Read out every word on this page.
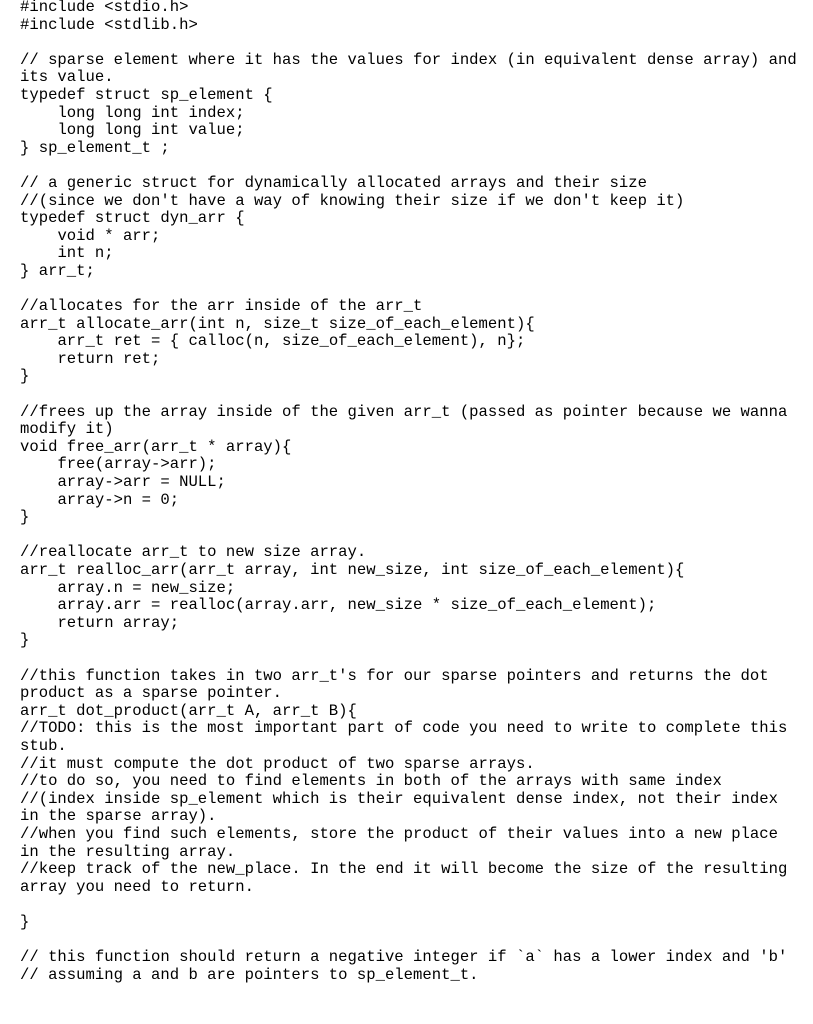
#include <stdio.h>
#include <stdlib.h>
// sparse element where it has the values for index (in equivalent dense array) and its value.
typedef struct sp_element {
long long int index;
long long int value;
} sp_element_t ;
// a generic struct for dynamically allocated arrays and their size
//(since we don't have a way of knowing their size if we don't keep it)
typedef struct dyn_arr {
void * arr;
int n;
} arr_t;
//allocates for the arr inside of the arr_t
arr_t allocate_arr(int n, size_t size_of_each_element){
arr_t ret = { calloc(n, size_of_each_element), n};
return ret;
}
//frees up the array inside of the given arr_t (passed as pointer because we wanna modify it)
void free_arr(arr_t * array){
free(array->arr);
array->arr = NULL;
array->n = 0;
}
//reallocate arr_t to new size array.
arr_t realloc_arr(arr_t array, int new_size, int size_of_each_element){
array.n = new_size;
array.arr = realloc(array.arr, new_size * size_of_each_element);
return array;
}
//this function takes in two arr_t's for our sparse pointers and returns the dot product as a sparse pointer.
arr_t dot_product(arr_t A, arr_t B){
//TODO: this is the most important part of code you need to write to complete this stub.
//it must compute the dot product of two sparse arrays.
//to do so, you need to find elements in both of the arrays with same index
//(index inside sp_element which is their equivalent dense index, not their index in the sparse array).
//when you find such elements, store the product of their values into a new place in the resulting array.
//keep track of the new_place. In the end it will become the size of the resulting array you need to return.
}
// this function should return a negative integer if `a` has a lower index and 'b'
// assuming a and b are pointers to sp_element_t.
